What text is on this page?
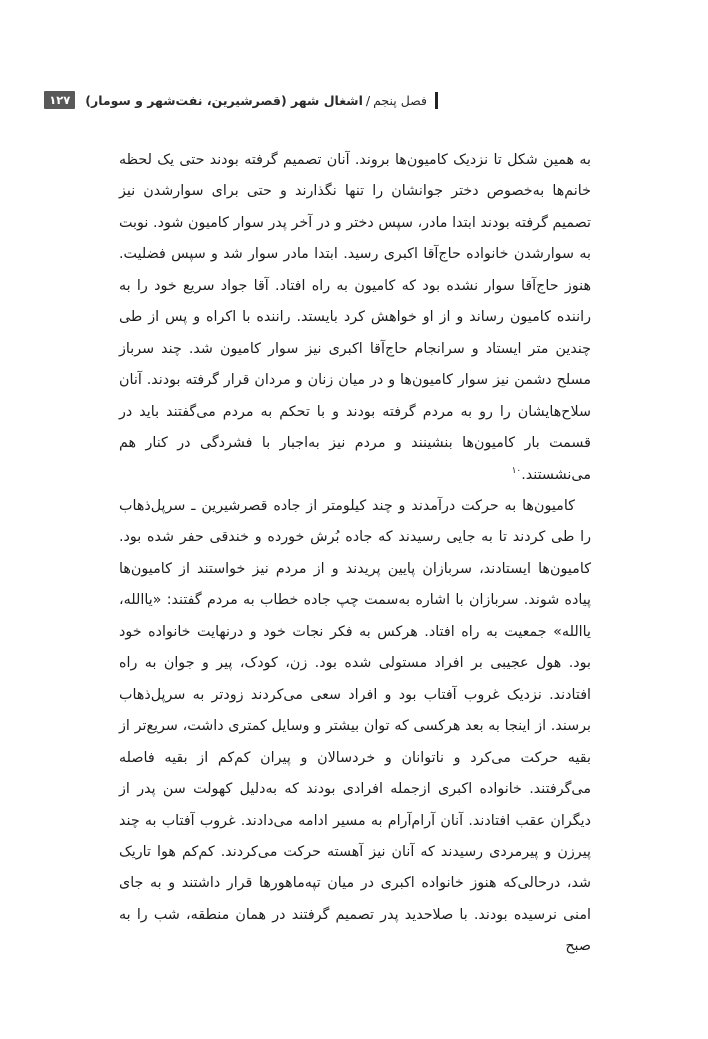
فصل پنجم/اشغال شهر (قصرشیرین، نفت‌شهر و سومار)
۱۲۷

به همین شکل تا نزدیک کامیون‌ها بروند. آنان تصمیم گرفته بودند حتی یک لحظه خانم‌ها به‌خصوص دختر جوانشان را تنها نگذارند و حتی برای سوارشدن نیز تصمیم گرفته بودند ابتدا مادر، سپس دختر و در آخر پدر سوار کامیون شود. نوبت به سوارشدن خانواده حاج‌آقا اکبری رسید. ابتدا مادر سوار شد و سپس فضلیت. هنوز حاج‌آقا سوار نشده بود که کامیون به راه افتاد. آقا جواد سریع خود را به راننده کامیون رساند و از او خواهش کرد بایستد. راننده با اکراه و پس از طی چندین متر ایستاد و سرانجام حاج‌آقا اکبری نیز سوار کامیون شد. چند سرباز مسلح دشمن نیز سوار کامیون‌ها و در میان زنان و مردان قرار گرفته بودند. آنان سلاح‌هایشان را رو به مردم گرفته بودند و با تحکم به مردم می‌گفتند باید در قسمت بار کامیون‌ها بنشینند و مردم نیز به‌اجبار با فشردگی در کنار هم می‌نشستند.$^{۱۰}$

کامیون‌ها به حرکت درآمدند و چند کیلومتر از جاده قصرشیرین ـ سرپل‌ذهاب را طی کردند تا به جایی رسیدند که جاده بُرش خورده و خندقی حفر شده بود. کامیون‌ها ایستادند، سربازان پایین پریدند و از مردم نیز خواستند از کامیون‌ها پیاده شوند. سربازان با اشاره به‌سمت چپ جاده خطاب به مردم گفتند: «یاالله، یاالله» جمعیت به راه افتاد. هرکس به فکر نجات خود و درنهایت خانواده خود بود. هول عجیبی بر افراد مستولی شده بود. زن، کودک، پیر و جوان به راه افتادند. نزدیک غروب آفتاب بود و افراد سعی می‌کردند زودتر به سرپل‌ذهاب برسند. از اینجا به بعد هرکسی که توان بیشتر و وسایل کمتری داشت، سریع‌تر از بقیه حرکت می‌کرد و ناتوانان و خردسالان و پیران کم‌کم از بقیه فاصله می‌گرفتند. خانواده اکبری ازجمله افرادی بودند که به‌دلیل کهولت سن پدر از دیگران عقب افتادند. آنان آرام‌آرام به مسیر ادامه می‌دادند. غروب آفتاب به چند پیرزن و پیرمردی رسیدند که آنان نیز آهسته حرکت می‌کردند. کم‌کم هوا تاریک شد، درحالی‌که هنوز خانواده اکبری در میان تپه‌ماهورها قرار داشتند و به جای امنی نرسیده بودند. با صلاحدید پدر تصمیم گرفتند در همان منطقه، شب را به صبح
